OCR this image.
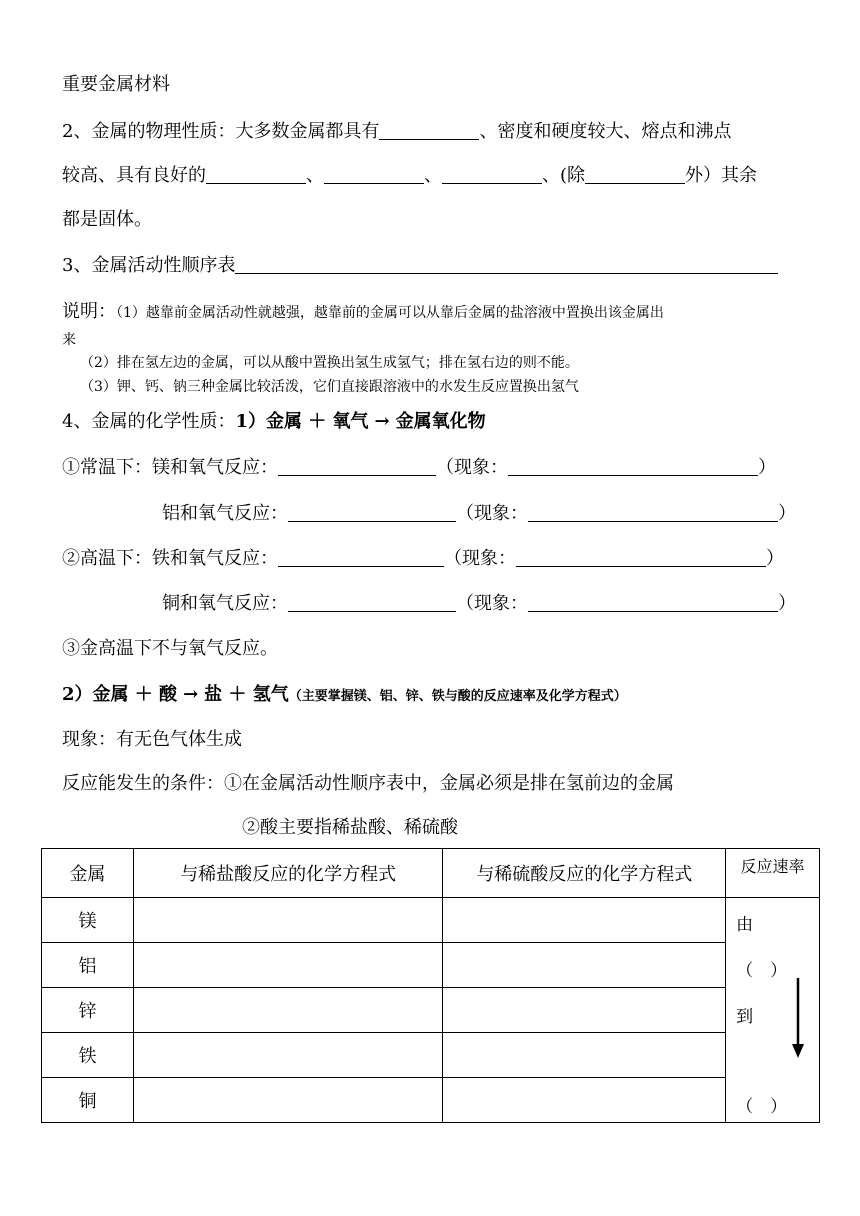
重要金属材料
2、金属的物理性质：大多数金属都具有	、密度和硬度较大、熔点和沸点
较高、具有良好的	、	、	、(除	外）其余
都是固体。
3、金属活动性顺序表
说明：（1）越靠前金属活动性就越强，越靠前的金属可以从靠后金属的盐溶液中置换出该金属出
来
（2）排在氢左边的金属，可以从酸中置换出氢生成氢气；排在氢右边的则不能。
（3）钾、钙、钠三种金属比较活泼，它们直接跟溶液中的水发生反应置换出氢气
4、金属的化学性质：1）金属 ＋ 氧气 → 金属氧化物
①常温下：镁和氧气反应：	（现象：	）
铝和氧气反应：	（现象：	）
②高温下：铁和氧气反应：	（现象：	）
铜和氧气反应：	（现象：	）
③金高温下不与氧气反应。
2）金属 ＋ 酸 → 盐 ＋ 氢气（主要掌握镁、铝、锌、铁与酸的反应速率及化学方程式）
现象：有无色气体生成
反应能发生的条件：①在金属活动性顺序表中，金属必须是排在氢前边的金属
②酸主要指稀盐酸、稀硫酸
金属	与稀盐酸反应的化学方程式	与稀硫酸反应的化学方程式	反应速率

镁			由
（　）
到
（　）

铝			
锌			
铁			
铜			
